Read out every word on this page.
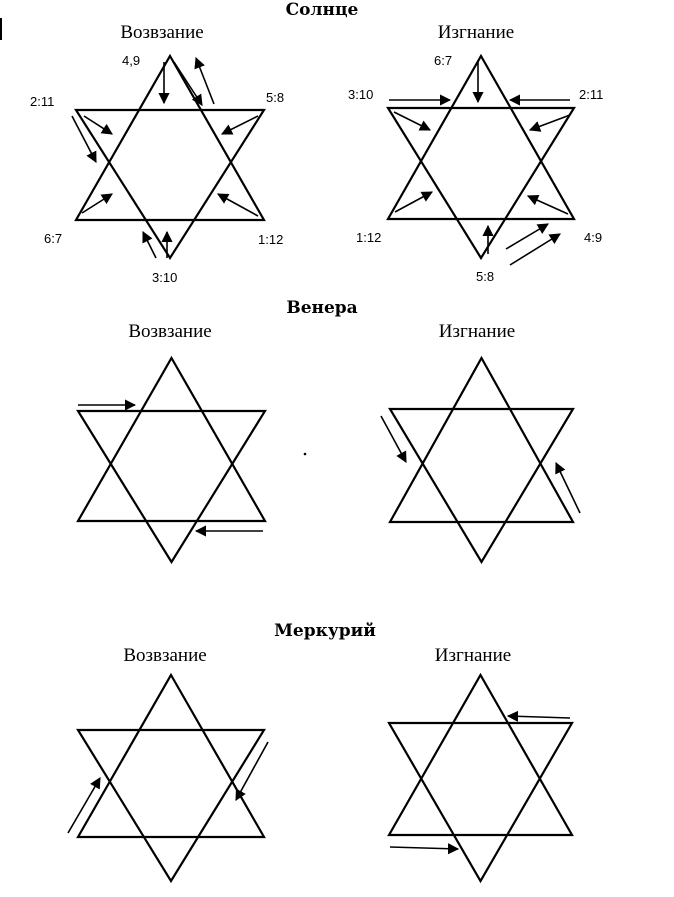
Солнце
Возвзание	Изгнание
4,9
5:8
2:11
6:7	1:12
3:10
6:7
3:10	2:11
1:12	4:9
5:8
Венера
Возвзание	Изгнание
Меркурий
Возвзание	Изгнание
